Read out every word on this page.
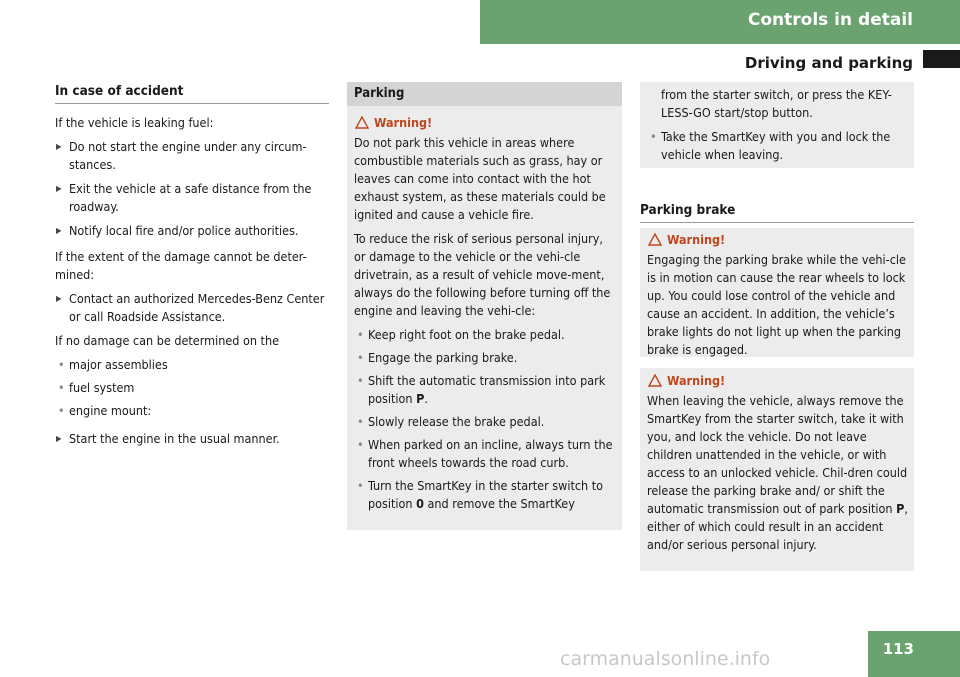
Controls in detail
Driving and parking
In case of accident

If the vehicle is leaking fuel:

▶ Do not start the engine under any circum-stances.
▶ Exit the vehicle at a safe distance from the roadway.
▶ Notify local fire and/or police authorities.

If the extent of the damage cannot be deter-mined:

▶ Contact an authorized Mercedes-Benz Center or call Roadside Assistance.

If no damage can be determined on the

• major assemblies
• fuel system
• engine mount:
▶ Start the engine in the usual manner.
Parking
Warning!

Do not park this vehicle in areas where combustible materials such as grass, hay or leaves can come into contact with the hot exhaust system, as these materials could be ignited and cause a vehicle fire.

To reduce the risk of serious personal injury, or damage to the vehicle or the vehi-cle drivetrain, as a result of vehicle move-ment, always do the following before turning off the engine and leaving the vehi-cle:

• Keep right foot on the brake pedal.
• Engage the parking brake.
• Shift the automatic transmission into park position P.
• Slowly release the brake pedal.
• When parked on an incline, always turn the front wheels towards the road curb.
• Turn the SmartKey in the starter switch to position 0 and remove the SmartKey

from the starter switch, or press the KEY-LESS-GO start/stop button.

• Take the SmartKey with you and lock the vehicle when leaving.
Parking brake
Warning!

Engaging the parking brake while the vehi-cle is in motion can cause the rear wheels to lock up. You could lose control of the vehicle and cause an accident. In addition, the vehicle’s brake lights do not light up when the parking brake is engaged.

Warning!

When leaving the vehicle, always remove the SmartKey from the starter switch, take it with you, and lock the vehicle. Do not leave children unattended in the vehicle, or with access to an unlocked vehicle. Chil-dren could release the parking brake and/ or shift the automatic transmission out of park position P, either of which could result in an accident and/or serious personal injury.

carmanualsonline.info	113
